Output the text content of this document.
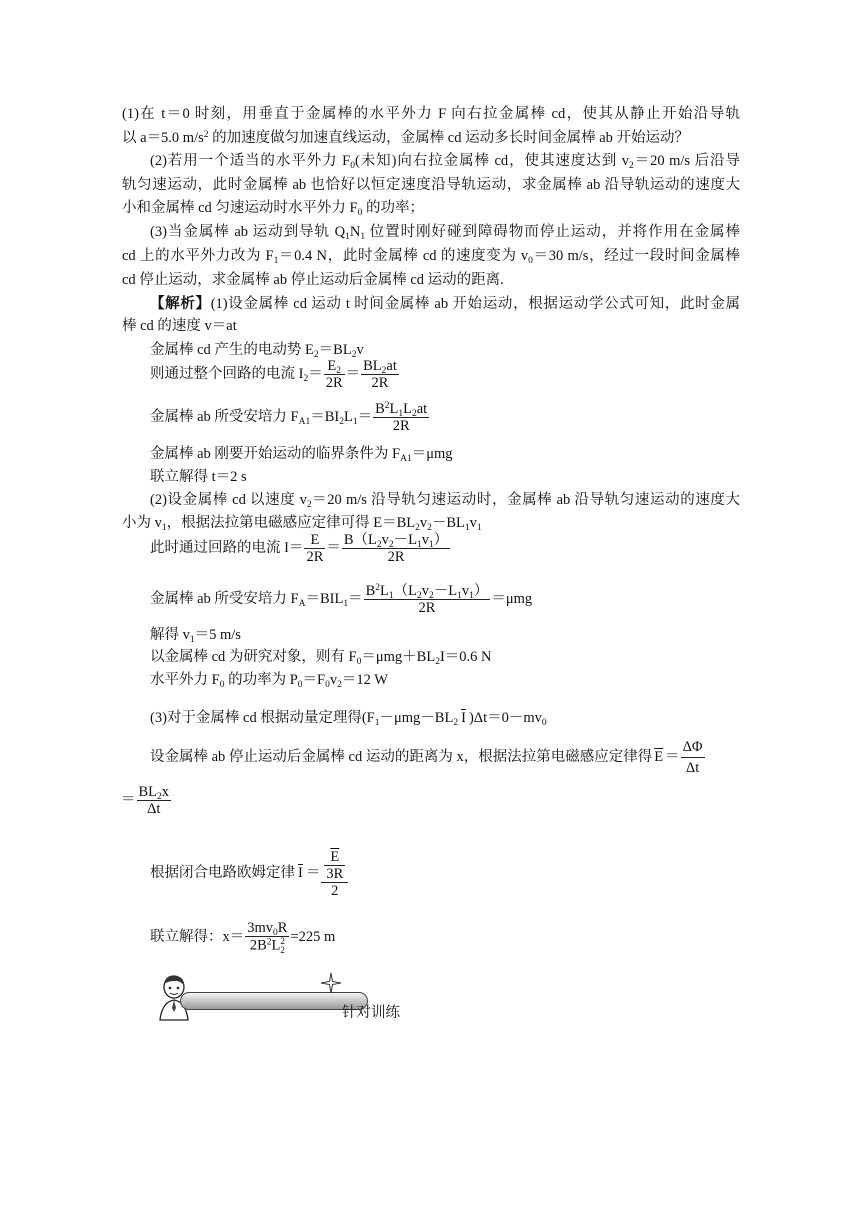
(1)在 t＝0 时刻，用垂直于金属棒的水平外力 F 向右拉金属棒 cd，使其从静止开始沿导轨
以 a＝5.0 $m/s^2$ 的加速度做匀加速直线运动，金属棒 cd 运动多长时间金属棒 ab 开始运动？
(2)若用一个适当的水平外力 $F_0$(未知)向右拉金属棒 cd，使其速度达到 $v_2=20$ m/s 后沿导
轨匀速运动，此时金属棒 ab 也恰好以恒定速度沿导轨运动，求金属棒 ab 沿导轨运动的速度大
小和金属棒 cd 匀速运动时水平外力 $F_0$ 的功率；
(3)当金属棒 ab 运动到导轨 $Q_1N_1$ 位置时刚好碰到障碍物而停止运动，并将作用在金属棒
cd 上的水平外力改为 $F_1=0.4$ N，此时金属棒 cd 的速度变为 $v_0=30$ m/s，经过一段时间金属棒
cd 停止运动，求金属棒 ab 停止运动后金属棒 cd 运动的距离.
【解析】(1)设金属棒 cd 运动 t 时间金属棒 ab 开始运动，根据运动学公式可知，此时金属
棒 cd 的速度 v＝at
金属棒 cd 产生的电动势 $E_2=BL_2v$
则通过整个回路的电流 $I_2= \frac{E_2}{2R} = \frac{BL_2at}{2R}$
金属棒 ab 所受安培力 $F_{A1}=BI_2L_1= \frac{B^2L_1L_2at}{2R}$
金属棒 ab 刚要开始运动的临界条件为 $F_{A1}=\mu mg$
联立解得 t＝2 s
(2)设金属棒 cd 以速度 $v_2=20$ m/s 沿导轨匀速运动时，金属棒 ab 沿导轨匀速运动的速度大
小为 $v_1$，根据法拉第电磁感应定律可得 $E=BL_2v_2-BL_1v_1$
此时通过回路的电流 $I= \frac{E}{2R} = \frac{B(L_2v_2-L_1v_1)}{2R}$
金属棒 ab 所受安培力 $F_A=BIL_1= \frac{B^2L_1(L_2v_2-L_1v_1)}{2R} =\mu mg$
解得 $v_1=5$ m/s
以金属棒 cd 为研究对象，则有 $F_0=\mu mg+BL_2I=0.6$ N
水平外力 $F_0$ 的功率为 $P_0=F_0v_2=12$ W
(3)对于金属棒 cd 根据动量定理得($F_1-\mu mg-BL_2$ $\overline{I}$ )$\Delta t=0-mv_0$
设金属棒 ab 停止运动后金属棒 cd 运动的距离为 x，根据法拉第电磁感应定律得 $\overline{E} = \frac{\Delta\Phi}{\Delta t}$
＝ $\frac{BL_2x}{\Delta t}$
根据闭合电路欧姆定律 $\overline{I} = \frac{\frac{\overline{E}}{3R}}{2}$
联立解得：$x= 3mv_0R$
$2B^2L$ 2
2 =225 m
针对训练
